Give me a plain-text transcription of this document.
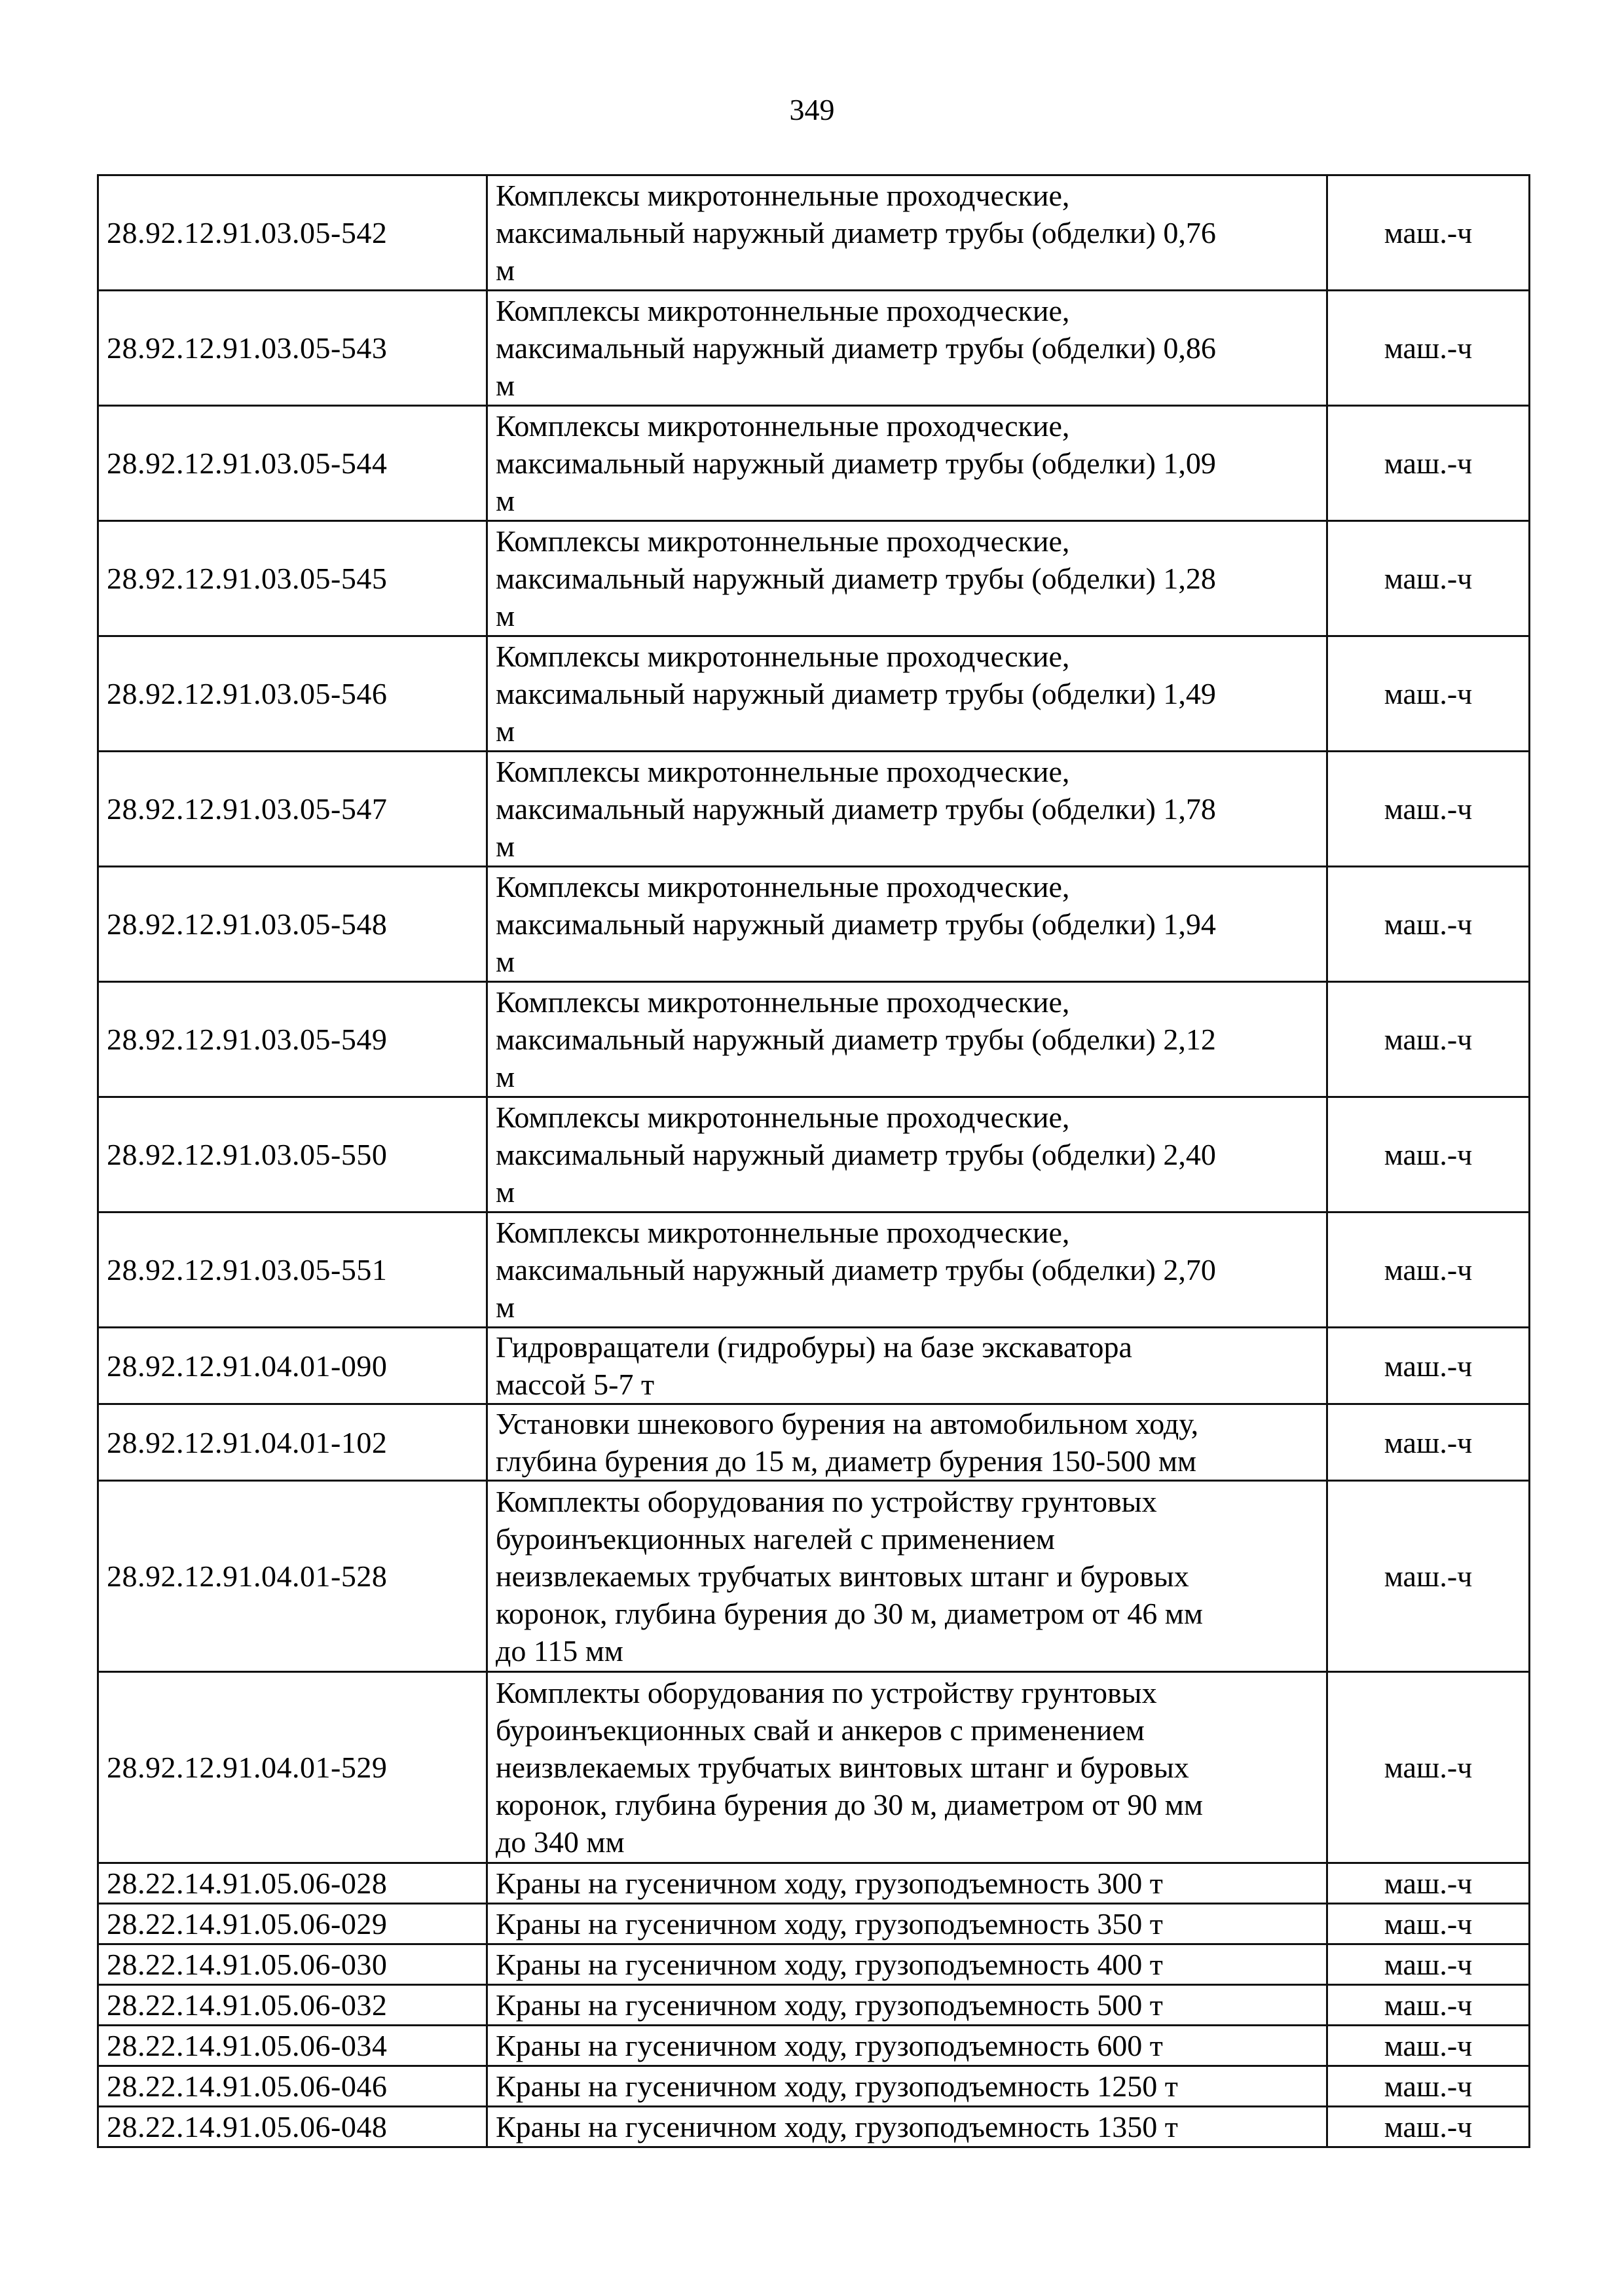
349
28.92.12.91.03.05-542	Комплексы микротоннельные проходческие,
максимальный наружный диаметр трубы (обделки) 0,76
м	маш.-ч
28.92.12.91.03.05-543	Комплексы микротоннельные проходческие,
максимальный наружный диаметр трубы (обделки) 0,86
м	маш.-ч
28.92.12.91.03.05-544	Комплексы микротоннельные проходческие,
максимальный наружный диаметр трубы (обделки) 1,09
м	маш.-ч
28.92.12.91.03.05-545	Комплексы микротоннельные проходческие,
максимальный наружный диаметр трубы (обделки) 1,28
м	маш.-ч
28.92.12.91.03.05-546	Комплексы микротоннельные проходческие,
максимальный наружный диаметр трубы (обделки) 1,49
м	маш.-ч
28.92.12.91.03.05-547	Комплексы микротоннельные проходческие,
максимальный наружный диаметр трубы (обделки) 1,78
м	маш.-ч
28.92.12.91.03.05-548	Комплексы микротоннельные проходческие,
максимальный наружный диаметр трубы (обделки) 1,94
м	маш.-ч
28.92.12.91.03.05-549	Комплексы микротоннельные проходческие,
максимальный наружный диаметр трубы (обделки) 2,12
м	маш.-ч
28.92.12.91.03.05-550	Комплексы микротоннельные проходческие,
максимальный наружный диаметр трубы (обделки) 2,40
м	маш.-ч
28.92.12.91.03.05-551	Комплексы микротоннельные проходческие,
максимальный наружный диаметр трубы (обделки) 2,70
м	маш.-ч
28.92.12.91.04.01-090	Гидровращатели (гидробуры) на базе экскаватора
массой 5-7 т	маш.-ч
28.92.12.91.04.01-102	Установки шнекового бурения на автомобильном ходу,
глубина бурения до 15 м, диаметр бурения 150-500 мм	маш.-ч
28.92.12.91.04.01-528	Комплекты оборудования по устройству грунтовых
буроинъекционных нагелей с применением
неизвлекаемых трубчатых винтовых штанг и буровых
коронок, глубина бурения до 30 м, диаметром от 46 мм
до 115 мм	маш.-ч
28.92.12.91.04.01-529	Комплекты оборудования по устройству грунтовых
буроинъекционных свай и анкеров с применением
неизвлекаемых трубчатых винтовых штанг и буровых
коронок, глубина бурения до 30 м, диаметром от 90 мм
до 340 мм	маш.-ч
28.22.14.91.05.06-028	Краны на гусеничном ходу, грузоподъемность 300 т	маш.-ч
28.22.14.91.05.06-029	Краны на гусеничном ходу, грузоподъемность 350 т	маш.-ч
28.22.14.91.05.06-030	Краны на гусеничном ходу, грузоподъемность 400 т	маш.-ч
28.22.14.91.05.06-032	Краны на гусеничном ходу, грузоподъемность 500 т	маш.-ч
28.22.14.91.05.06-034	Краны на гусеничном ходу, грузоподъемность 600 т	маш.-ч
28.22.14.91.05.06-046	Краны на гусеничном ходу, грузоподъемность 1250 т	маш.-ч
28.22.14.91.05.06-048	Краны на гусеничном ходу, грузоподъемность 1350 т	маш.-ч
